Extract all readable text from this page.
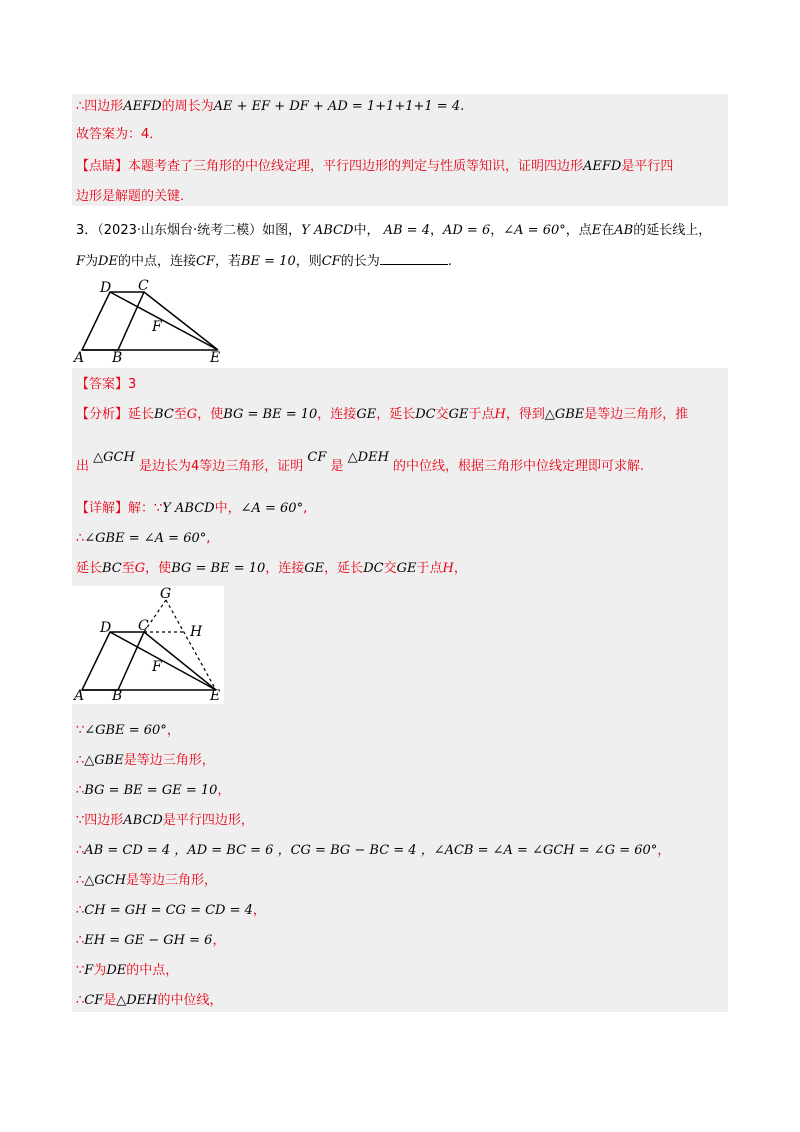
∴四边形AEFD的周长为AE + EF + DF + AD = 1+1+1+1 = 4.
故答案为：4．
【点睛】本题考查了三角形的中位线定理，平行四边形的判定与性质等知识，证明四边形AEFD是平行四
边形是解题的关键．
3．（2023·山东烟台·统考二模）如图，Y ABCD中， AB = 4，AD = 6，∠A = 60°，点E在AB的延长线上，
F为DE的中点，连接CF，若BE = 10，则CF的长为	.
D C
F
A B	E
【答案】3
【分析】延长BC至G，使BG = BE = 10，连接GE，延长DC交GE于点H，得到△GBE是等边三角形，推
出 △GCH 是边长为4等边三角形，证明 CF 是 △DEH 的中位线，根据三角形中位线定理即可求解.
【详解】解：∵Y ABCD中，∠A = 60°,
∴∠GBE = ∠A = 60°,
延长BC至G，使BG = BE = 10，连接GE，延长DC交GE于点H，
G
D C	H
F
A B	E
∵∠GBE = 60°，
∴△GBE是等边三角形，
∴BG = BE = GE = 10，
∵四边形ABCD是平行四边形，
∴AB = CD = 4 ，AD = BC = 6 ，CG = BG − BC = 4 ，∠ACB = ∠A = ∠GCH = ∠G = 60°，
∴△GCH是等边三角形，
∴CH = GH = CG = CD = 4，
∴EH = GE − GH = 6，
∵F为DE的中点，
∴CF是△DEH的中位线，
